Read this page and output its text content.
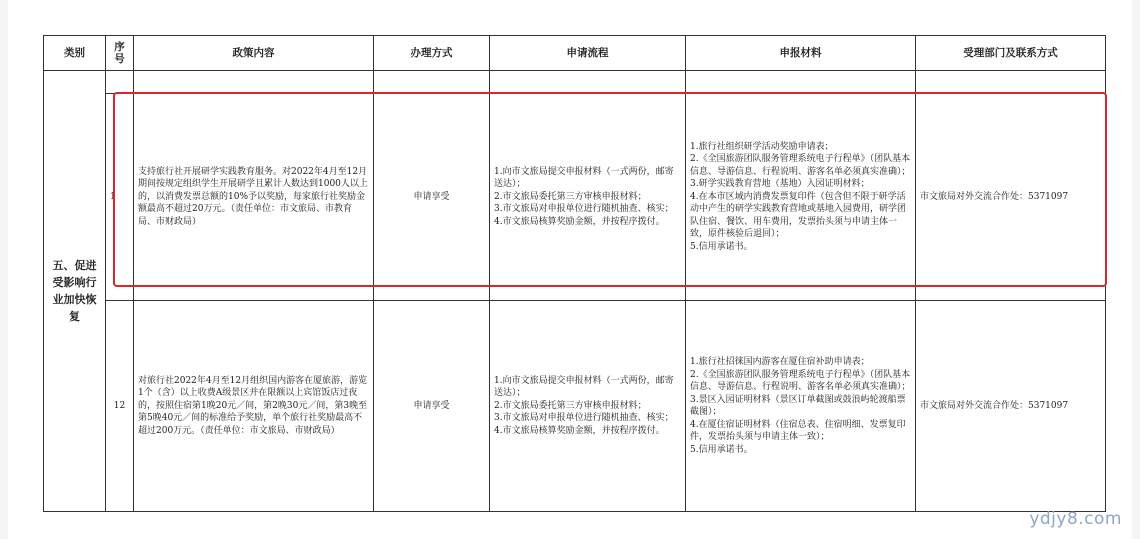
类别	序号	政策内容	办理方式	申请流程	申报材料	受理部门及联系方式
五、促进受影响行业加快恢复						
	1	支持旅行社开展研学实践教育服务。对2022年4月至12月期间按规定组织学生开展研学且累计人数达到1000人以上的，以消费发票总额的10%予以奖励，每家旅行社奖励金额最高不超过20万元。（责任单位：市文旅局、市教育局、市财政局）	申请享受	1.向市文旅局提交申报材料（一式两份，邮寄送达）；
2.市文旅局委托第三方审核申报材料；
3.市文旅局对申报单位进行随机抽查、核实；
4.市文旅局核算奖励金额，并按程序拨付。	1.旅行社组织研学活动奖励申请表；
2.《全国旅游团队服务管理系统电子行程单》（团队基本信息、导游信息、行程说明、游客名单必须真实准确）；
3.研学实践教育营地（基地）入园证明材料；
4.在本市区域内消费发票复印件（包含但不限于研学活动中产生的研学实践教育营地或基地入园费用，研学团队住宿、餐饮、用车费用，发票抬头须与申请主体一致，原件核验后退回）；
5.信用承诺书。	市文旅局对外交流合作处：5371097
	12	对旅行社2022年4月至12月组织国内游客在厦旅游，游览1个（含）以上收费A级景区并在限额以上宾馆饭店过夜的，按照住宿第1晚20元／间，第2晚30元／间，第3晚至第5晚40元／间的标准给予奖励，单个旅行社奖励最高不超过200万元。（责任单位：市文旅局、市财政局）	申请享受	1.向市文旅局提交申报材料（一式两份，邮寄送达）；
2.市文旅局委托第三方审核申报材料；
3.市文旅局对申报单位进行随机抽查、核实；
4.市文旅局核算奖励金额，并按程序拨付。	1.旅行社招徕国内游客在厦住宿补助申请表；
2.《全国旅游团队服务管理系统电子行程单》（团队基本信息、导游信息、行程说明、游客名单必须真实准确）；
3.景区入园证明材料（景区订单截图或鼓浪屿轮渡船票截图）；
4.在厦住宿证明材料（住宿总表、住宿明细、发票复印件，发票抬头须与申请主体一致）；
5.信用承诺书。	市文旅局对外交流合作处：5371097
ydjy8.com
